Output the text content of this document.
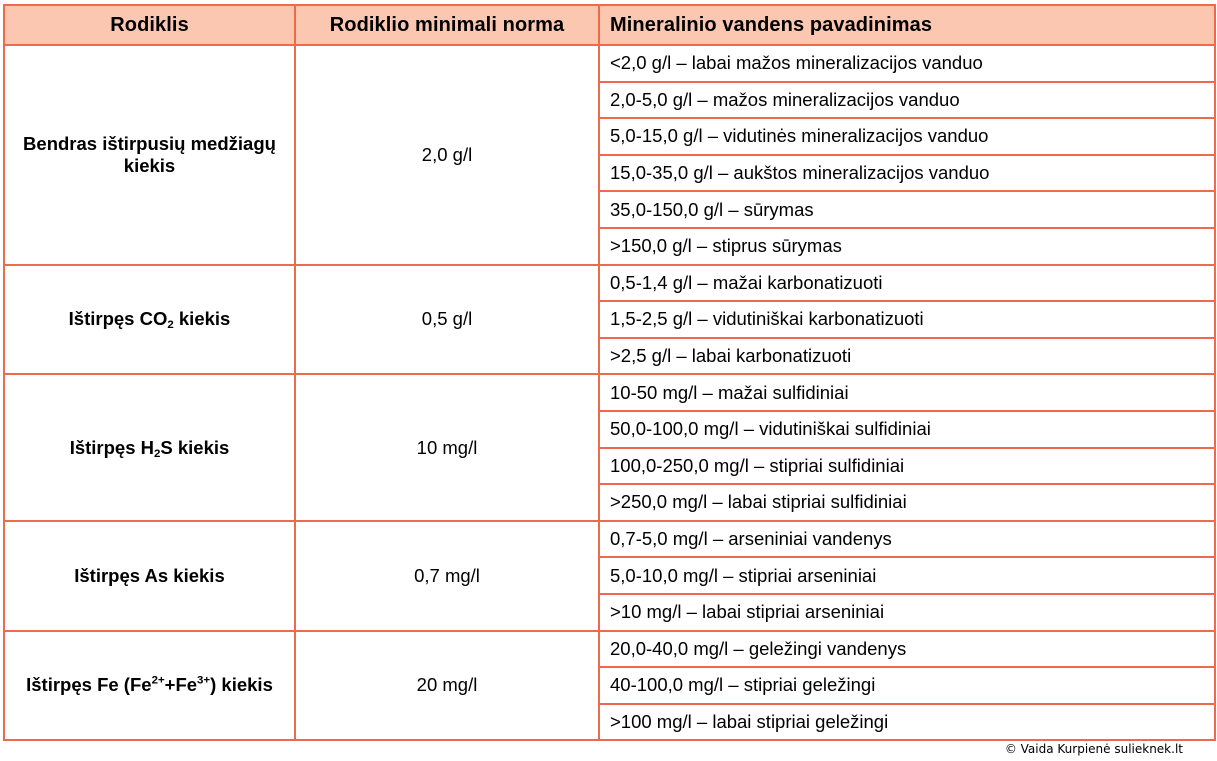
Rodiklis	Rodiklio minimali norma	Mineralinio vandens pavadinimas
Bendras ištirpusių medžiagų kiekis	2,0 g/l	<2,0 g/l – labai mažos mineralizacijos vanduo
		2,0-5,0 g/l – mažos mineralizacijos vanduo
		5,0-15,0 g/l – vidutinės mineralizacijos vanduo
		15,0-35,0 g/l – aukštos mineralizacijos vanduo
		35,0-150,0 g/l – sūrymas
		>150,0 g/l – stiprus sūrymas
Ištirpęs $CO_2$ kiekis	0,5 g/l	0,5-1,4 g/l – mažai karbonatizuoti
		1,5-2,5 g/l – vidutiniškai karbonatizuoti
		>2,5 g/l – labai karbonatizuoti
Ištirpęs $H_2S$ kiekis	10 mg/l	10-50 mg/l – mažai sulfidiniai
		50,0-100,0 mg/l – vidutiniškai sulfidiniai
		100,0-250,0 mg/l – stipriai sulfidiniai
		>250,0 mg/l – labai stipriai sulfidiniai
Ištirpęs As kiekis	0,7 mg/l	0,7-5,0 mg/l – arseniniai vandenys
		5,0-10,0 mg/l – stipriai arseniniai
		>10 mg/l – labai stipriai arseniniai
Ištirpęs Fe $(Fe^{2+}+Fe^{3+})$ kiekis	20 mg/l	20,0-40,0 mg/l – geležingi vandenys
		40-100,0 mg/l – stipriai geležingi
		>100 mg/l – labai stipriai geležingi
© Vaida Kurpienė sulieknek.lt
